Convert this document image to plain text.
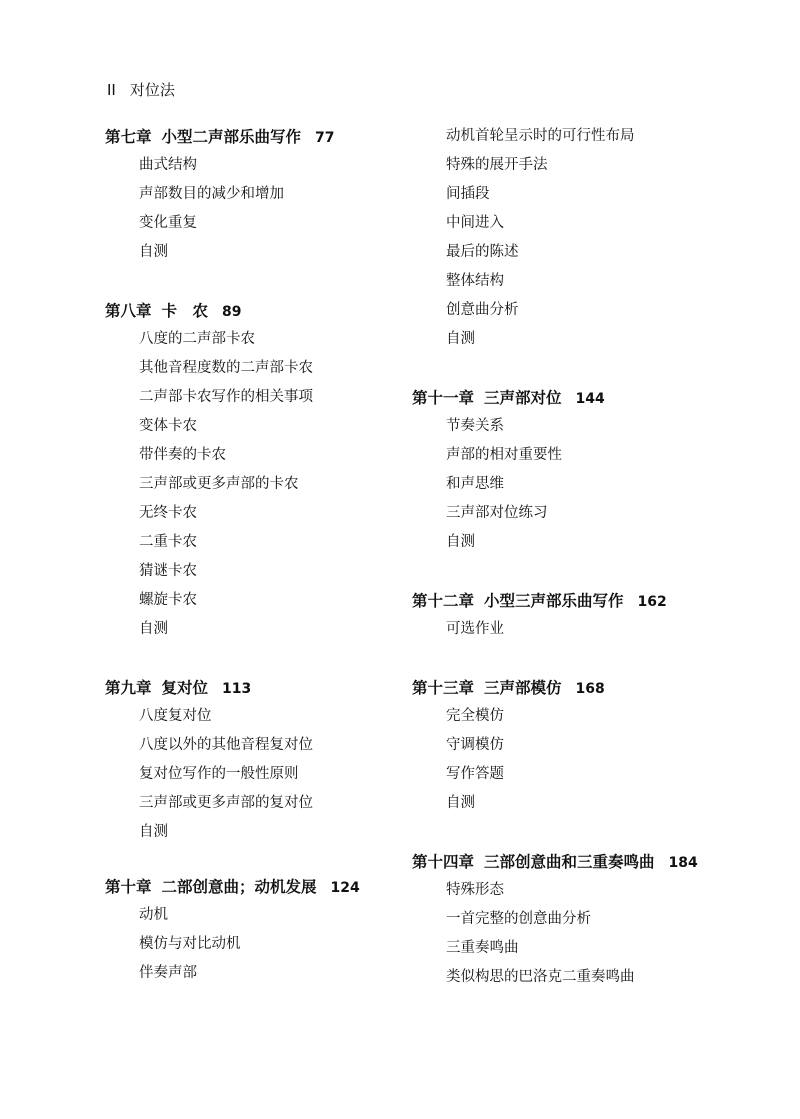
II 对位法
第七章 小型二声部乐曲写作 77
曲式结构
声部数目的减少和增加
变化重复
自测
第八章 卡　农 89
八度的二声部卡农
其他音程度数的二声部卡农
二声部卡农写作的相关事项
变体卡农
带伴奏的卡农
三声部或更多声部的卡农
无终卡农
二重卡农
猜谜卡农
螺旋卡农
自测
第九章 复对位 113
八度复对位
八度以外的其他音程复对位
复对位写作的一般性原则
三声部或更多声部的复对位
自测
第十章 二部创意曲；动机发展 124
动机
模仿与对比动机
伴奏声部
动机首轮呈示时的可行性布局
特殊的展开手法
间插段
中间进入
最后的陈述
整体结构
创意曲分析
自测
第十一章 三声部对位 144
节奏关系
声部的相对重要性
和声思维
三声部对位练习
自测
第十二章 小型三声部乐曲写作 162
可选作业
第十三章 三声部模仿 168
完全模仿
守调模仿
写作答题
自测
第十四章 三部创意曲和三重奏鸣曲 184
特殊形态
一首完整的创意曲分析
三重奏鸣曲
类似构思的巴洛克二重奏鸣曲
